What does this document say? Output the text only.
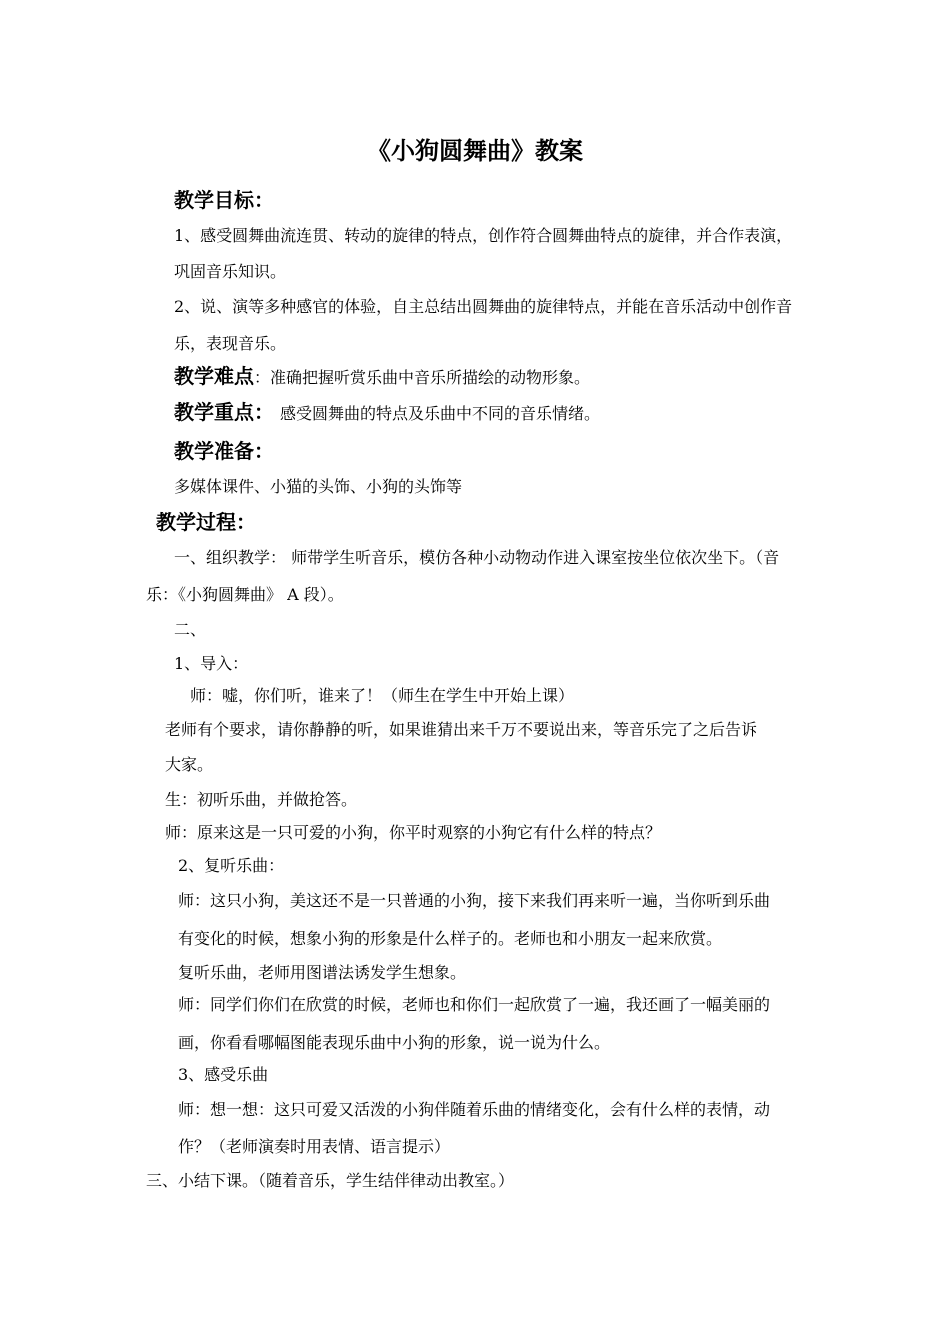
《小狗圆舞曲》教案
教学目标：
1、感受圆舞曲流连贯、转动的旋律的特点，创作符合圆舞曲特点的旋律，并合作表演，
巩固音乐知识。
2、说、演等多种感官的体验，自主总结出圆舞曲的旋律特点，并能在音乐活动中创作音
乐，表现音乐。
教学难点：准确把握听赏乐曲中音乐所描绘的动物形象。
教学重点： 感受圆舞曲的特点及乐曲中不同的音乐情绪。
教学准备：
多媒体课件、小猫的头饰、小狗的头饰等
教学过程：
一、组织教学： 师带学生听音乐，模仿各种小动物动作进入课室按坐位依次坐下。（音
乐：《小狗圆舞曲》 A 段）。
二、
1、导入：
师：嘘，你们听，谁来了！（师生在学生中开始上课）
老师有个要求，请你静静的听，如果谁猜出来千万不要说出来，等音乐完了之后告诉
大家。
生：初听乐曲，并做抢答。
师：原来这是一只可爱的小狗，你平时观察的小狗它有什么样的特点？
2、复听乐曲：
师：这只小狗，美这还不是一只普通的小狗，接下来我们再来听一遍，当你听到乐曲
有变化的时候，想象小狗的形象是什么样子的。老师也和小朋友一起来欣赏。
复听乐曲，老师用图谱法诱发学生想象。
师：同学们你们在欣赏的时候，老师也和你们一起欣赏了一遍，我还画了一幅美丽的
画，你看看哪幅图能表现乐曲中小狗的形象，说一说为什么。
3、感受乐曲
师：想一想：这只可爱又活泼的小狗伴随着乐曲的情绪变化，会有什么样的表情，动
作？（老师演奏时用表情、语言提示）
三、小结下课。（随着音乐，学生结伴律动出教室。）
